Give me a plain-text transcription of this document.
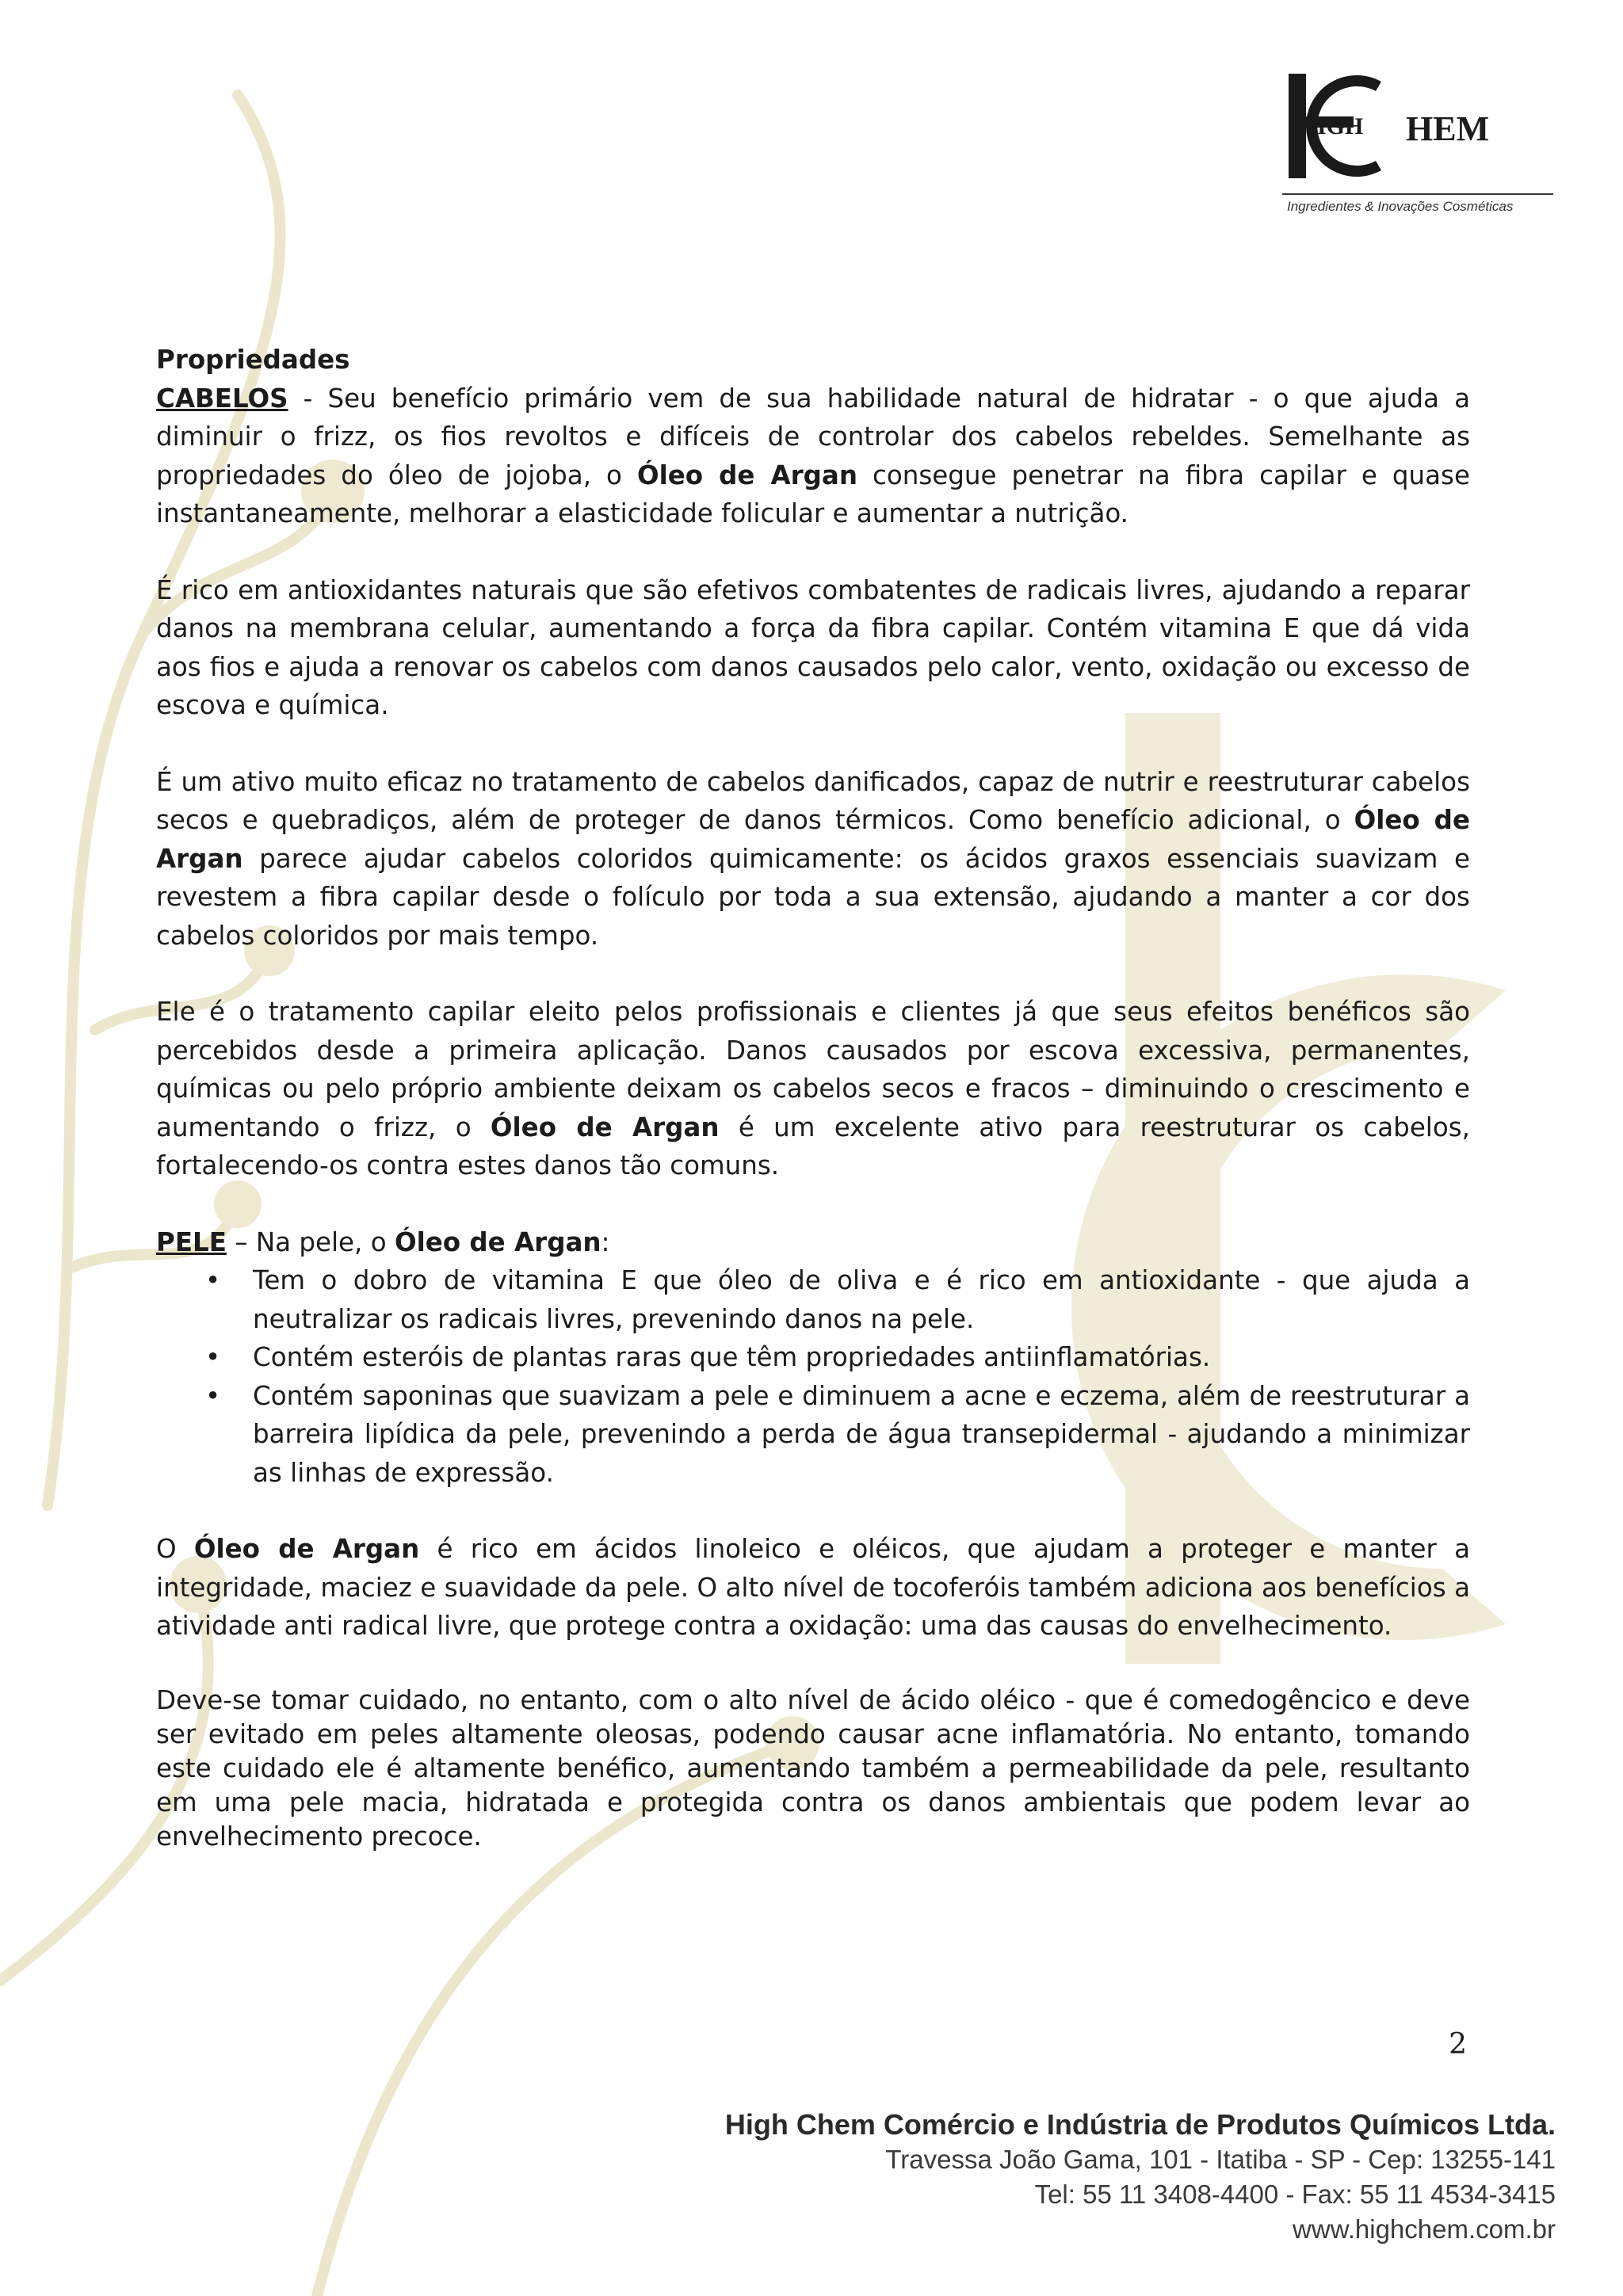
IGH HEM
Ingredientes & Inovações Cosméticas

Propriedades

CABELOS - Seu benefício primário vem de sua habilidade natural de hidratar - o que ajuda a diminuir o frizz, os fios revoltos e difíceis de controlar dos cabelos rebeldes. Semelhante as propriedades do óleo de jojoba, o Óleo de Argan consegue penetrar na fibra capilar e quase instantaneamente, melhorar a elasticidade folicular e aumentar a nutrição.

É rico em antioxidantes naturais que são efetivos combatentes de radicais livres, ajudando a reparar danos na membrana celular, aumentando a força da fibra capilar. Contém vitamina E que dá vida aos fios e ajuda a renovar os cabelos com danos causados pelo calor, vento, oxidação ou excesso de escova e química.

É um ativo muito eficaz no tratamento de cabelos danificados, capaz de nutrir e reestruturar cabelos secos e quebradiços, além de proteger de danos térmicos. Como benefício adicional, o Óleo de Argan parece ajudar cabelos coloridos quimicamente: os ácidos graxos essenciais suavizam e revestem a fibra capilar desde o folículo por toda a sua extensão, ajudando a manter a cor dos cabelos coloridos por mais tempo.

Ele é o tratamento capilar eleito pelos profissionais e clientes já que seus efeitos benéficos são percebidos desde a primeira aplicação. Danos causados por escova excessiva, permanentes, químicas ou pelo próprio ambiente deixam os cabelos secos e fracos – diminuindo o crescimento e aumentando o frizz, o Óleo de Argan é um excelente ativo para reestruturar os cabelos, fortalecendo-os contra estes danos tão comuns.

PELE – Na pele, o Óleo de Argan:

• Tem o dobro de vitamina E que óleo de oliva e é rico em antioxidante - que ajuda a neutralizar os radicais livres, prevenindo danos na pele.
• Contém esteróis de plantas raras que têm propriedades antiinflamatórias.
• Contém saponinas que suavizam a pele e diminuem a acne e eczema, além de reestruturar a barreira lipídica da pele, prevenindo a perda de água transepidermal - ajudando a minimizar as linhas de expressão.

O Óleo de Argan é rico em ácidos linoleico e oléicos, que ajudam a proteger e manter a integridade, maciez e suavidade da pele. O alto nível de tocoferóis também adiciona aos benefícios a atividade anti radical livre, que protege contra a oxidação: uma das causas do envelhecimento.

Deve-se tomar cuidado, no entanto, com o alto nível de ácido oléico - que é comedogêncico e deve ser evitado em peles altamente oleosas, podendo causar acne inflamatória. No entanto, tomando este cuidado ele é altamente benéfico, aumentando também a permeabilidade da pele, resultanto em uma pele macia, hidratada e protegida contra os danos ambientais que podem levar ao envelhecimento precoce.

2
High Chem Comércio e Indústria de Produtos Químicos Ltda.
Travessa João Gama, 101 - Itatiba - SP - Cep: 13255-141
Tel: 55 11 3408-4400 - Fax: 55 11 4534-3415
www.highchem.com.br
